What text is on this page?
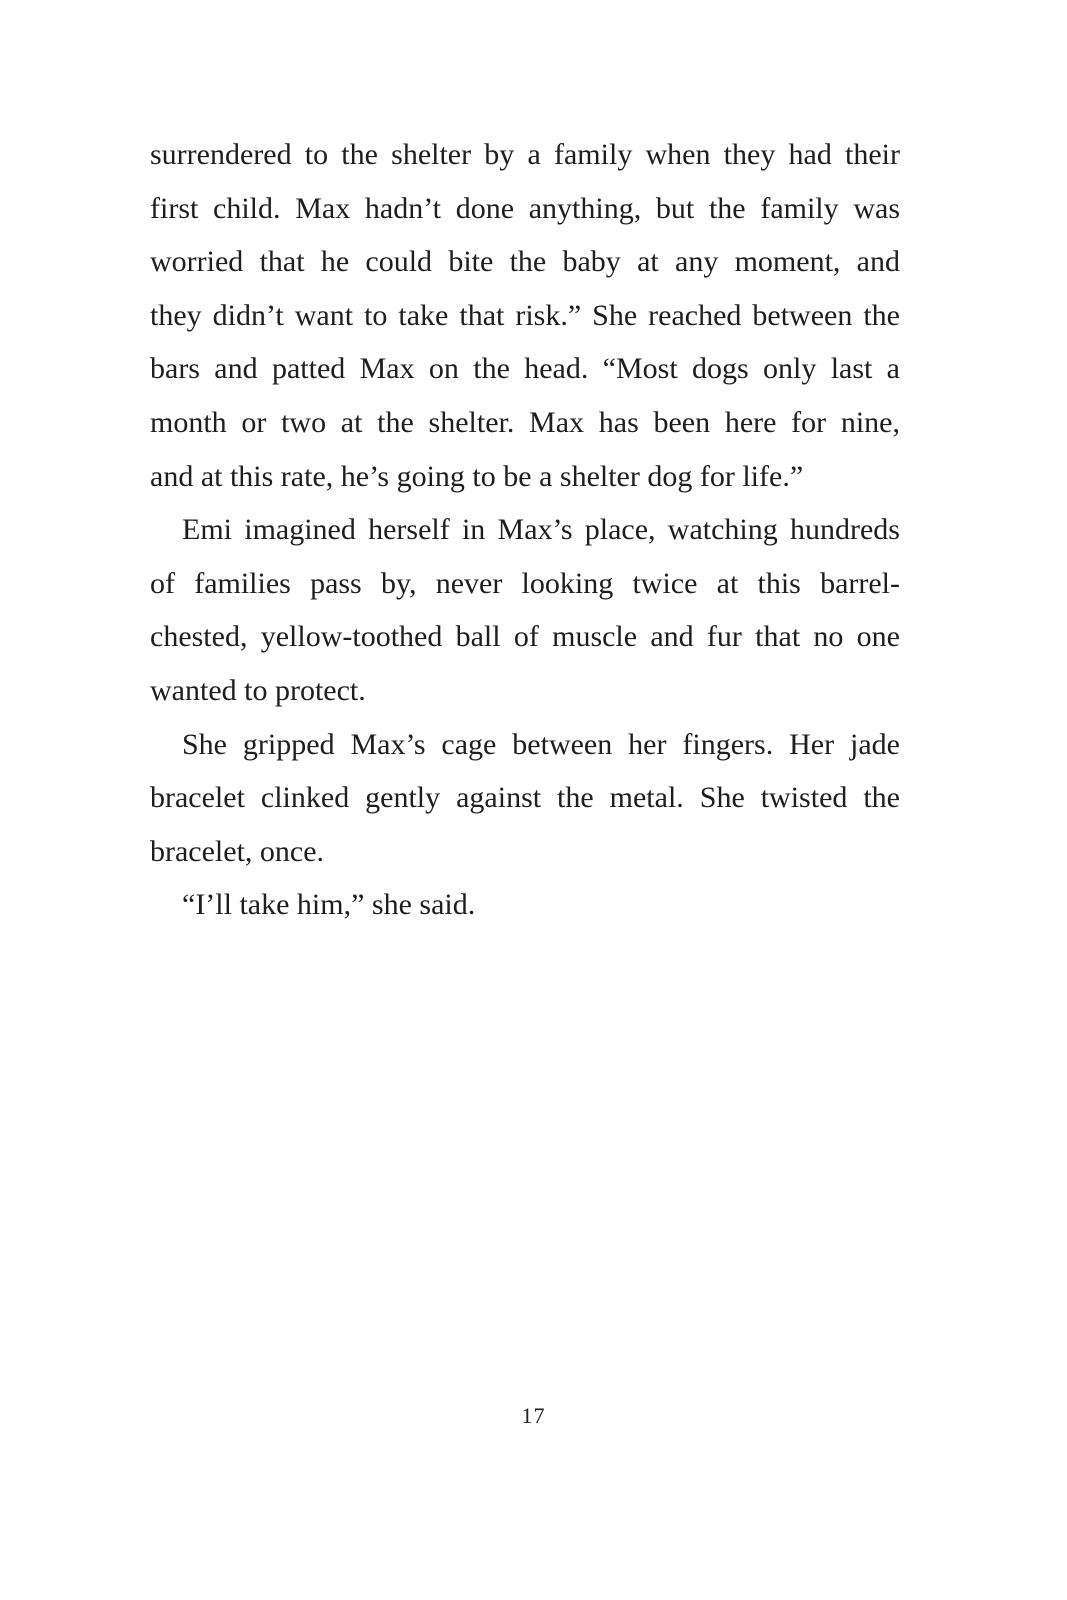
surrendered to the shelter by a family when they had their
first child. Max hadn’t done anything, but the family was
worried that he could bite the baby at any moment, and
they didn’t want to take that risk.” She reached between the
bars and patted Max on the head. “Most dogs only last a
month or two at the shelter. Max has been here for nine,
and at this rate, he’s going to be a shelter dog for life.”
Emi imagined herself in Max’s place, watching hundreds
of families pass by, never looking twice at this barrel-
chested, yellow-toothed ball of muscle and fur that no one
wanted to protect.
She gripped Max’s cage between her fingers. Her jade
bracelet clinked gently against the metal. She twisted the
bracelet, once.
“I’ll take him,” she said.
17
